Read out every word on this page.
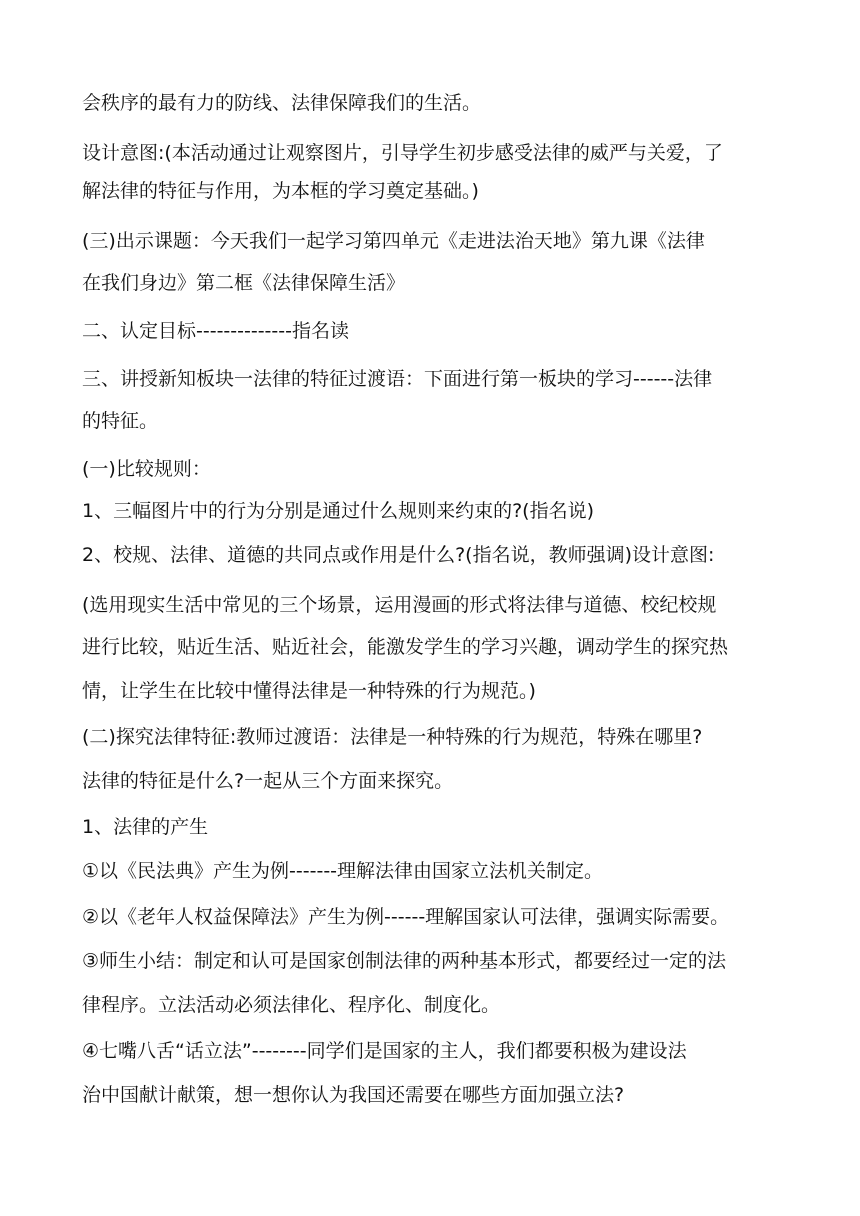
会秩序的最有力的防线、法律保障我们的生活。
设计意图:(本活动通过让观察图片，引导学生初步感受法律的威严与关爱，了
解法律的特征与作用，为本框的学习奠定基础。)
(三)出示课题：今天我们一起学习第四单元《走进法治天地》第九课《法律
在我们身边》第二框《法律保障生活》
二、认定目标--------------指名读
三、讲授新知板块一法律的特征过渡语：下面进行第一板块的学习------法律
的特征。
(一)比较规则：
1、三幅图片中的行为分别是通过什么规则来约束的?(指名说)
2、校规、法律、道德的共同点或作用是什么?(指名说，教师强调)设计意图:
(选用现实生活中常见的三个场景，运用漫画的形式将法律与道德、校纪校规
进行比较，贴近生活、贴近社会，能激发学生的学习兴趣，调动学生的探究热
情，让学生在比较中懂得法律是一种特殊的行为规范。)
(二)探究法律特征:教师过渡语：法律是一种特殊的行为规范，特殊在哪里?
法律的特征是什么?一起从三个方面来探究。
1、法律的产生
①以《民法典》产生为例-------理解法律由国家立法机关制定。
②以《老年人权益保障法》产生为例------理解国家认可法律，强调实际需要。
③师生小结：制定和认可是国家创制法律的两种基本形式，都要经过一定的法
律程序。立法活动必须法律化、程序化、制度化。
④七嘴八舌“话立法”--------同学们是国家的主人，我们都要积极为建设法
治中国献计献策，想一想你认为我国还需要在哪些方面加强立法?
